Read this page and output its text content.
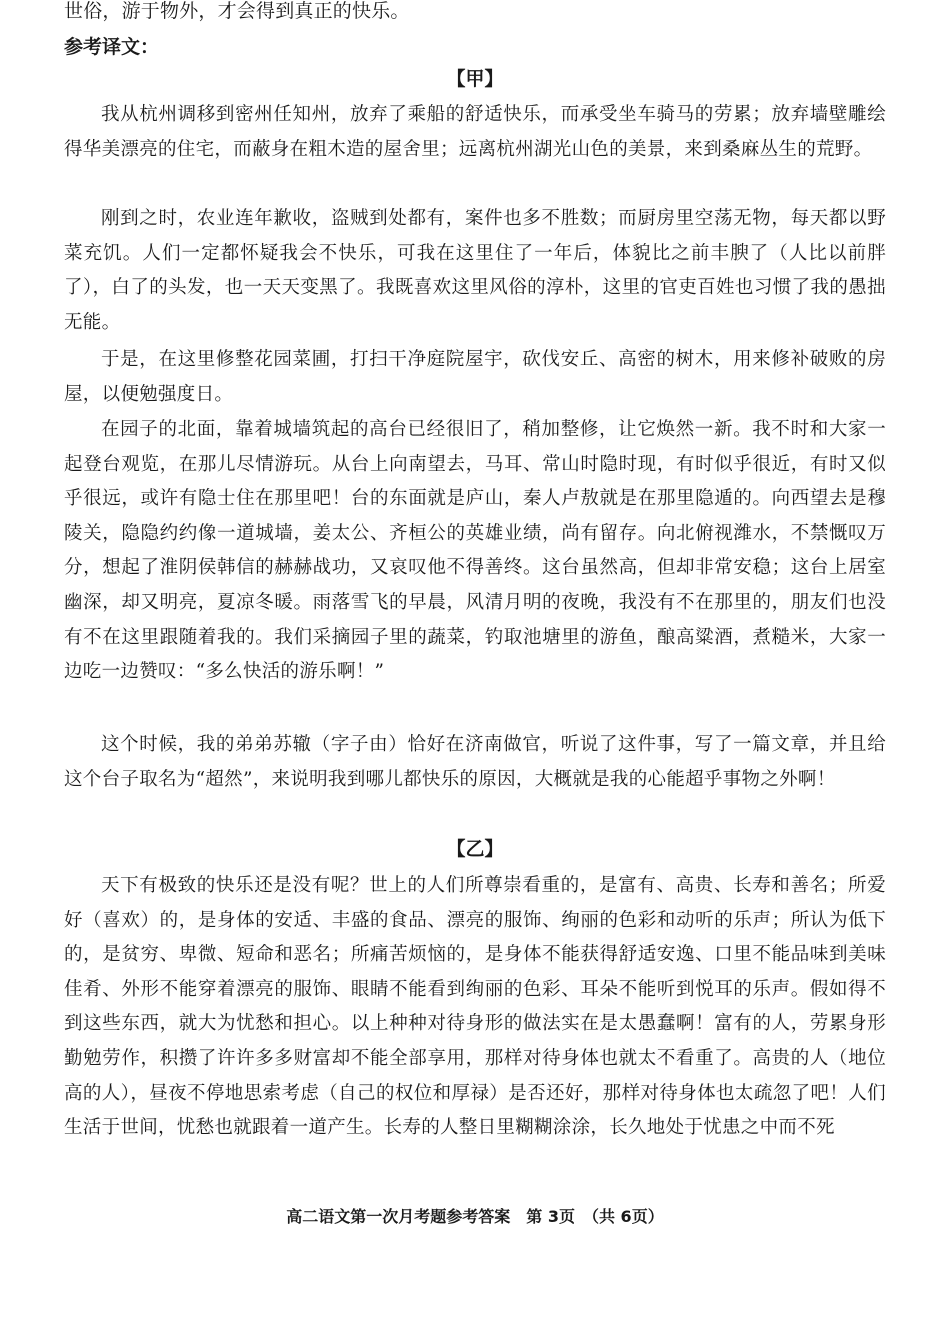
世俗，游于物外，才会得到真正的快乐。
参考译文：
【甲】
我从杭州调移到密州任知州，放弃了乘船的舒适快乐，而承受坐车骑马的劳累；放弃墙壁雕绘得华美漂亮的住宅，而蔽身在粗木造的屋舍里；远离杭州湖光山色的美景，来到桑麻丛生的荒野。
刚到之时，农业连年歉收，盗贼到处都有，案件也多不胜数；而厨房里空荡无物，每天都以野菜充饥。人们一定都怀疑我会不快乐，可我在这里住了一年后，体貌比之前丰腴了（人比以前胖了），白了的头发，也一天天变黑了。我既喜欢这里风俗的淳朴，这里的官吏百姓也习惯了我的愚拙无能。
于是，在这里修整花园菜圃，打扫干净庭院屋宇，砍伐安丘、高密的树木，用来修补破败的房屋，以便勉强度日。
在园子的北面，靠着城墙筑起的高台已经很旧了，稍加整修，让它焕然一新。我不时和大家一起登台观览，在那儿尽情游玩。从台上向南望去，马耳、常山时隐时现，有时似乎很近，有时又似乎很远，或许有隐士住在那里吧！台的东面就是庐山，秦人卢敖就是在那里隐遁的。向西望去是穆陵关，隐隐约约像一道城墙，姜太公、齐桓公的英雄业绩，尚有留存。向北俯视潍水，不禁慨叹万分，想起了淮阴侯韩信的赫赫战功，又哀叹他不得善终。这台虽然高，但却非常安稳；这台上居室幽深，却又明亮，夏凉冬暖。雨落雪飞的早晨，风清月明的夜晚，我没有不在那里的，朋友们也没有不在这里跟随着我的。我们采摘园子里的蔬菜，钓取池塘里的游鱼，酿高粱酒，煮糙米，大家一边吃一边赞叹：“多么快活的游乐啊！”
这个时候，我的弟弟苏辙（字子由）恰好在济南做官，听说了这件事，写了一篇文章，并且给这个台子取名为“超然”，来说明我到哪儿都快乐的原因，大概就是我的心能超乎事物之外啊！
【乙】
天下有极致的快乐还是没有呢？世上的人们所尊崇看重的，是富有、高贵、长寿和善名；所爱好（喜欢）的，是身体的安适、丰盛的食品、漂亮的服饰、绚丽的色彩和动听的乐声；所认为低下的，是贫穷、卑微、短命和恶名；所痛苦烦恼的，是身体不能获得舒适安逸、口里不能品味到美味佳肴、外形不能穿着漂亮的服饰、眼睛不能看到绚丽的色彩、耳朵不能听到悦耳的乐声。假如得不到这些东西，就大为忧愁和担心。以上种种对待身形的做法实在是太愚蠢啊！富有的人，劳累身形勤勉劳作，积攒了许许多多财富却不能全部享用，那样对待身体也就太不看重了。高贵的人（地位高的人），昼夜不停地思索考虑（自己的权位和厚禄）是否还好，那样对待身体也太疏忽了吧！人们生活于世间，忧愁也就跟着一道产生。长寿的人整日里糊糊涂涂，长久地处于忧患之中而不死
高二语文第一次月考题参考答案　第 3页　（共 6页）
